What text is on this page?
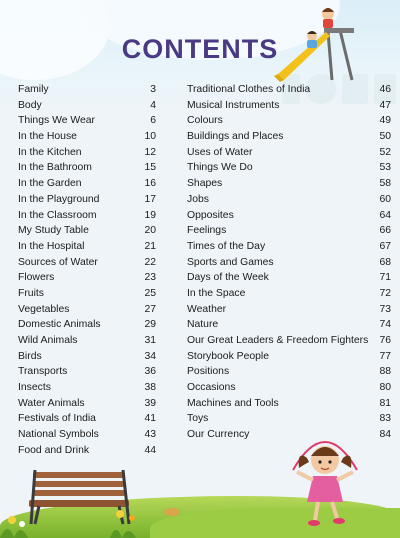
CONTENTS
Family	3
Body	4
Things We Wear	6
In the House	10
In the Kitchen	12
In the Bathroom	15
In the Garden	16
In the Playground	17
In the Classroom	19
My Study Table	20
In the Hospital	21
Sources of Water	22
Flowers	23
Fruits	25
Vegetables	27
Domestic Animals	29
Wild Animals	31
Birds	34
Transports	36
Insects	38
Water Animals	39
Festivals of India	41
National Symbols	43
Food and Drink	44
Traditional Clothes of India	46
Musical Instruments	47
Colours	49
Buildings and Places	50
Uses of Water	52
Things We Do	53
Shapes	58
Jobs	60
Opposites	64
Feelings	66
Times of the Day	67
Sports and Games	68
Days of the Week	71
In the Space	72
Weather	73
Nature	74
Our Great Leaders & Freedom Fighters 76
Storybook People	77
Positions	88
Occasions	80
Machines and Tools	81
Toys	83
Our Currency	84
